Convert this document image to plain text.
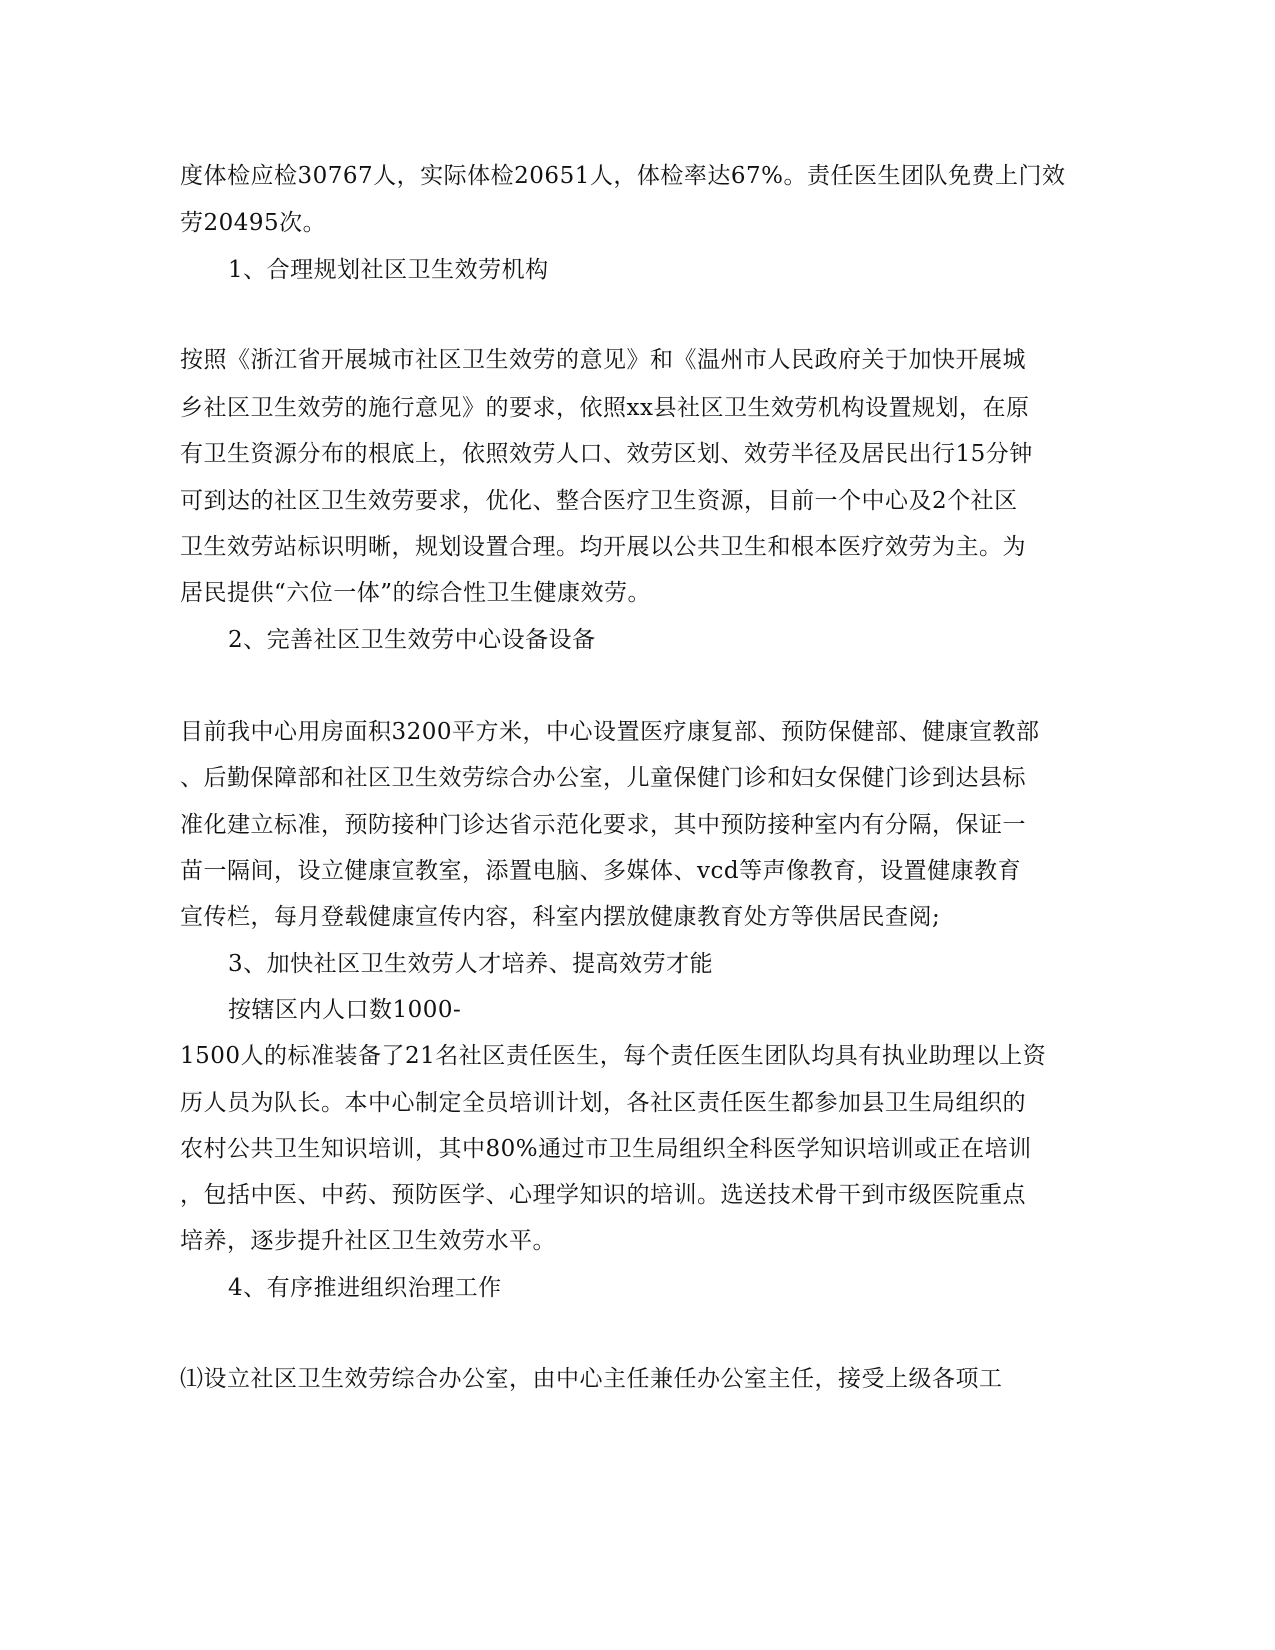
度体检应检30767人，实际体检20651人，体检率达67%。责任医生团队免费上门效
劳20495次。
1、合理规划社区卫生效劳机构
按照《浙江省开展城市社区卫生效劳的意见》和《温州市人民政府关于加快开展城
乡社区卫生效劳的施行意见》的要求，依照xx县社区卫生效劳机构设置规划，在原
有卫生资源分布的根底上，依照效劳人口、效劳区划、效劳半径及居民出行15分钟
可到达的社区卫生效劳要求，优化、整合医疗卫生资源，目前一个中心及2个社区
卫生效劳站标识明晰，规划设置合理。均开展以公共卫生和根本医疗效劳为主。为
居民提供“六位一体”的综合性卫生健康效劳。
2、完善社区卫生效劳中心设备设备
目前我中心用房面积3200平方米，中心设置医疗康复部、预防保健部、健康宣教部
、后勤保障部和社区卫生效劳综合办公室，儿童保健门诊和妇女保健门诊到达县标
准化建立标准，预防接种门诊达省示范化要求，其中预防接种室内有分隔，保证一
苗一隔间，设立健康宣教室，添置电脑、多媒体、vcd等声像教育，设置健康教育
宣传栏，每月登载健康宣传内容，科室内摆放健康教育处方等供居民查阅;
3、加快社区卫生效劳人才培养、提高效劳才能
按辖区内人口数1000-
1500人的标准装备了21名社区责任医生，每个责任医生团队均具有执业助理以上资
历人员为队长。本中心制定全员培训计划，各社区责任医生都参加县卫生局组织的
农村公共卫生知识培训，其中80%通过市卫生局组织全科医学知识培训或正在培训
，包括中医、中药、预防医学、心理学知识的培训。选送技术骨干到市级医院重点
培养，逐步提升社区卫生效劳水平。
4、有序推进组织治理工作
⑴设立社区卫生效劳综合办公室，由中心主任兼任办公室主任，接受上级各项工
